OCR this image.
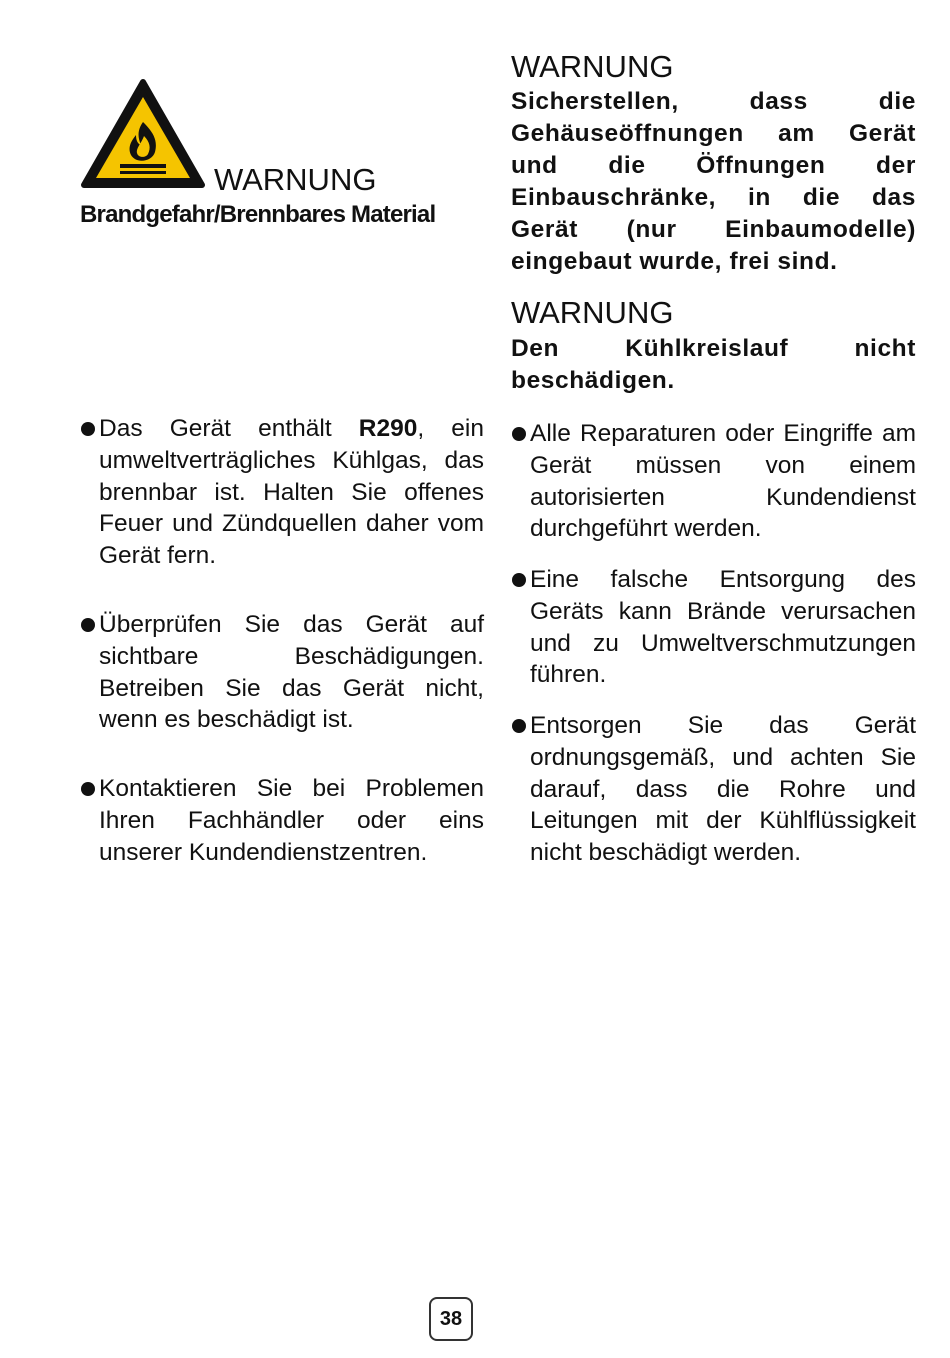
WARNUNG
Brandgefahr/Brennbares Material
Das Gerät enthält R290, ein umweltverträgliches Kühlgas, das brennbar ist. Halten Sie offenes Feuer und Zündquellen daher vom Gerät fern.
Überprüfen Sie das Gerät auf sichtbare Beschädigungen. Betreiben Sie das Gerät nicht, wenn es beschädigt ist.
Kontaktieren Sie bei Problemen Ihren Fachhändler oder eins unserer Kundendienstzentren.
WARNUNG
Sicherstellen, dass die Gehäuseöffnungen am Gerät und die Öffnungen der Einbauschränke, in die das Gerät (nur Einbaumodelle) eingebaut wurde, frei sind.
WARNUNG
Den Kühlkreislauf nicht beschädigen.
Alle Reparaturen oder Eingriffe am Gerät müssen von einem autorisierten Kundendienst durchgeführt werden.
Eine falsche Entsorgung des Geräts kann Brände verursachen und zu Umweltverschmutzungen führen.
Entsorgen Sie das Gerät ordnungsgemäß, und achten Sie darauf, dass die Rohre und Leitungen mit der Kühlflüssigkeit nicht beschädigt werden.
38
